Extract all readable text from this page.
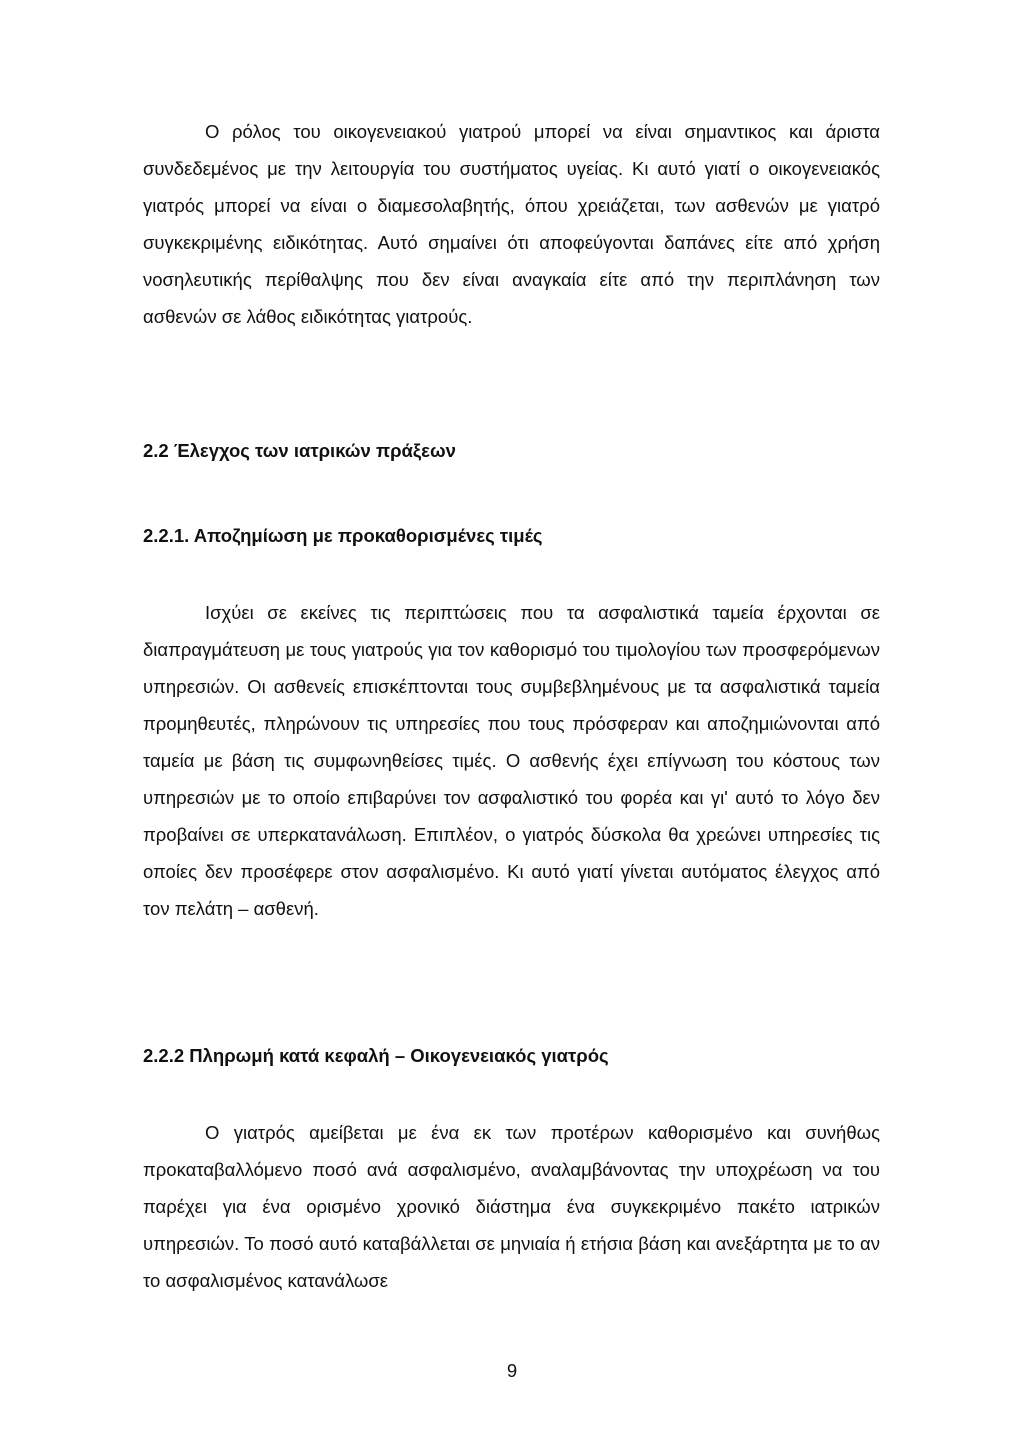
Ο ρόλος του οικογενειακού γιατρού μπορεί να είναι σημαντικος και άριστα συνδεδεμένος με την λειτουργία του συστήματος υγείας. Κι αυτό γιατί ο οικογενειακός γιατρός μπορεί να είναι ο διαμεσολαβητής, όπου χρειάζεται, των ασθενών με γιατρό συγκεκριμένης ειδικότητας. Αυτό σημαίνει ότι αποφεύγονται δαπάνες είτε από χρήση νοσηλευτικής περίθαλψης που δεν είναι αναγκαία είτε από την περιπλάνηση των ασθενών σε λάθος ειδικότητας γιατρούς.

2.2 Έλεγχος των ιατρικών πράξεων
2.2.1. Αποζημίωση με προκαθορισμένες τιμές

Ισχύει σε εκείνες τις περιπτώσεις που τα ασφαλιστικά ταμεία έρχονται σε διαπραγμάτευση με τους γιατρούς για τον καθορισμό του τιμολογίου των προσφερόμενων υπηρεσιών. Οι ασθενείς επισκέπτονται τους συμβεβλημένους με τα ασφαλιστικά ταμεία προμηθευτές, πληρώνουν τις υπηρεσίες που τους πρόσφεραν και αποζημιώνονται από ταμεία με βάση τις συμφωνηθείσες τιμές. Ο ασθενής έχει επίγνωση του κόστους των υπηρεσιών με το οποίο επιβαρύνει τον ασφαλιστικό του φορέα και γι' αυτό το λόγο δεν προβαίνει σε υπερκατανάλωση. Επιπλέον, ο γιατρός δύσκολα θα χρεώνει υπηρεσίες τις οποίες δεν προσέφερε στον ασφαλισμένο. Κι αυτό γιατί γίνεται αυτόματος έλεγχος από τον πελάτη – ασθενή.

2.2.2 Πληρωμή κατά κεφαλή – Οικογενειακός γιατρός

Ο γιατρός αμείβεται με ένα εκ των προτέρων καθορισμένο και συνήθως προκαταβαλλόμενο ποσό ανά ασφαλισμένο, αναλαμβάνοντας την υποχρέωση να του παρέχει για ένα ορισμένο χρονικό διάστημα ένα συγκεκριμένο πακέτο ιατρικών υπηρεσιών. Το ποσό αυτό καταβάλλεται σε μηνιαία ή ετήσια βάση και ανεξάρτητα με το αν το ασφαλισμένος κατανάλωσε

9
